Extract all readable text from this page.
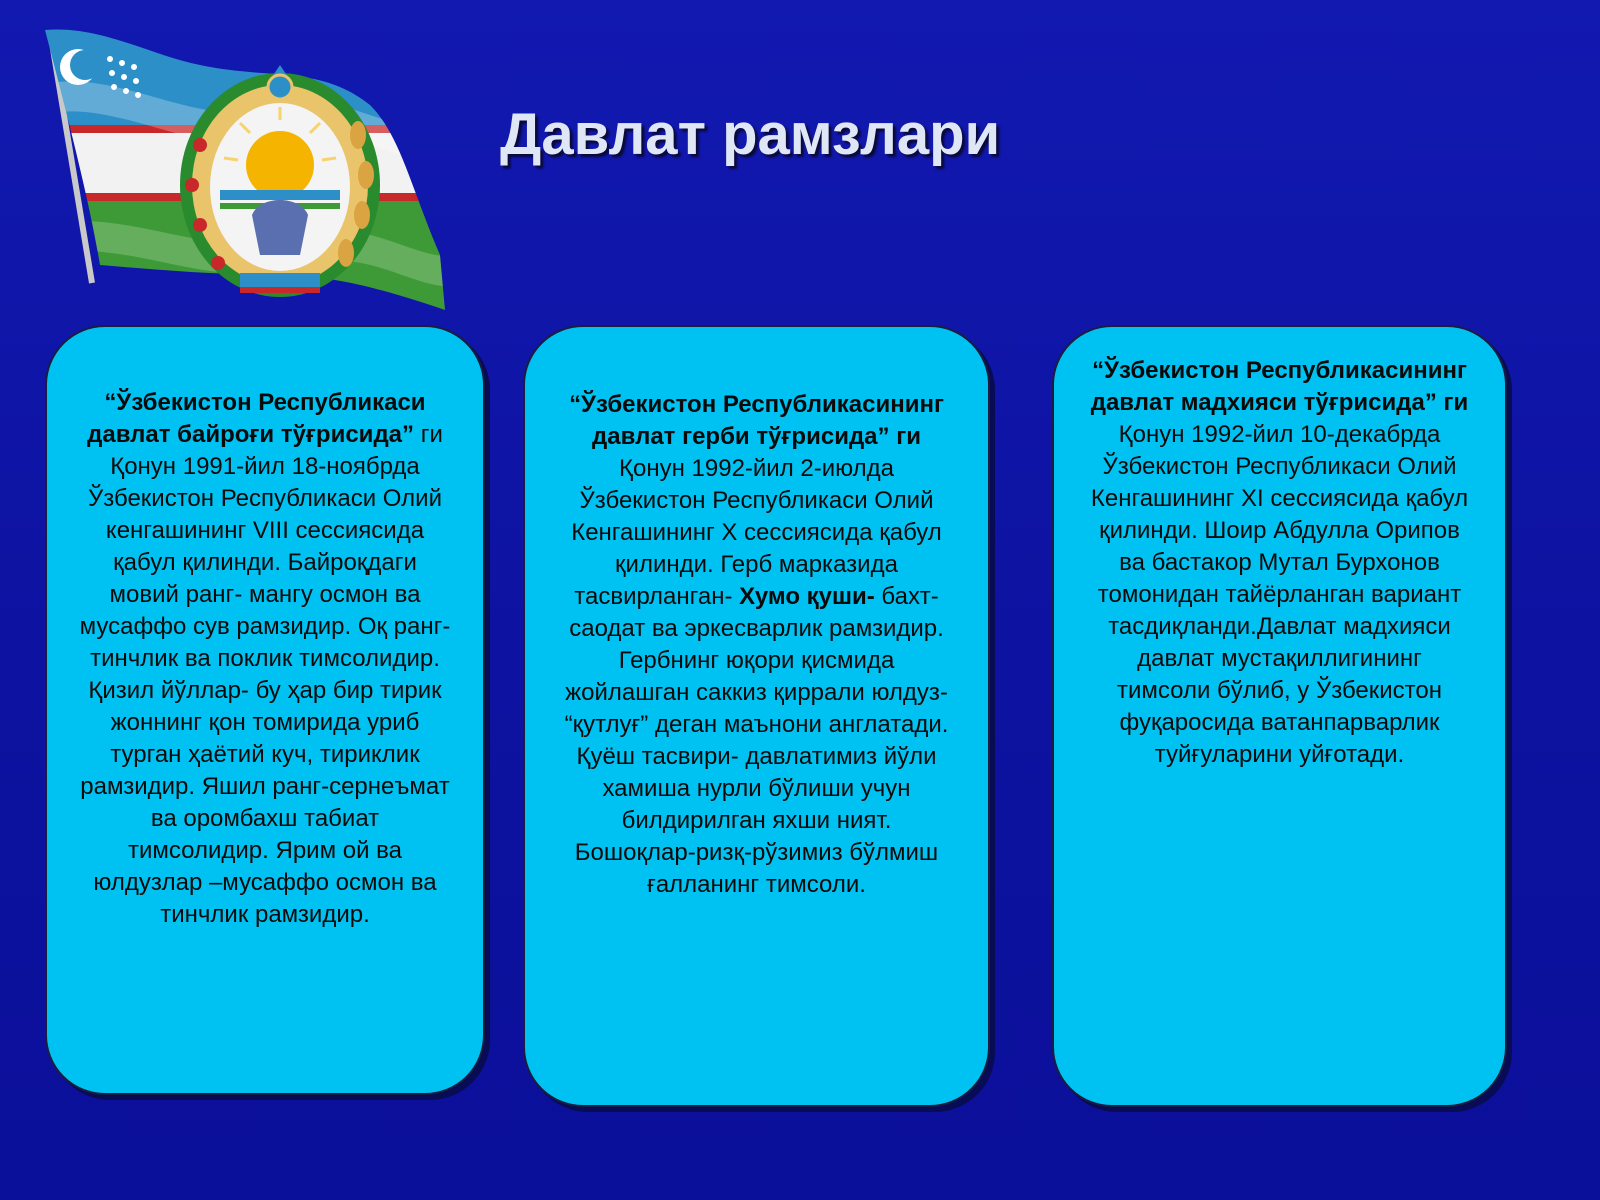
Давлат рамзлари
“Ўзбекистон Республикаси давлат байроғи тўғрисида” ги Қонун 1991-йил 18-ноябрда Ўзбекистон Республикаси Олий кенгашининг VIII сессиясида қабул қилинди. Байроқдаги мовий ранг- мангу осмон ва мусаффо сув рамзидир. Оқ ранг-тинчлик ва поклик тимсолидир. Қизил йўллар- бу ҳар бир тирик жоннинг қон томирида уриб турган ҳаётий куч, тириклик рамзидир. Яшил ранг-сернеъмат ва оромбахш табиат тимсолидир. Ярим ой ва юлдузлар –мусаффо осмон ва тинчлик рамзидир.
“Ўзбекистон Республикасининг давлат герби тўғрисида” ги Қонун 1992-йил 2-июлда Ўзбекистон Республикаси Олий Кенгашининг Х сессиясида қабул қилинди. Герб марказида тасвирланган- Хумо қуши- бахт-саодат ва эркесварлик рамзидир. Гербнинг юқори қисмида жойлашган саккиз қиррали юлдуз- “қутлуғ” деган маънони англатади. Қуёш тасвири- давлатимиз йўли хамиша нурли бўлиши учун билдирилган яхши ният. Бошоқлар-ризқ-рўзимиз бўлмиш ғалланинг тимсоли.
“Ўзбекистон Республикасининг давлат мадхияси тўғрисида” ги Қонун 1992-йил 10-декабрда Ўзбекистон Республикаси Олий Кенгашининг XI сессиясида қабул қилинди. Шоир Абдулла Орипов ва бастакор Мутал Бурхонов томонидан тайёрланган вариант тасдиқланди.Давлат мадхияси давлат мустақиллигининг тимсоли бўлиб, у Ўзбекистон фуқаросида ватанпарварлик туйғуларини уйғотади.
